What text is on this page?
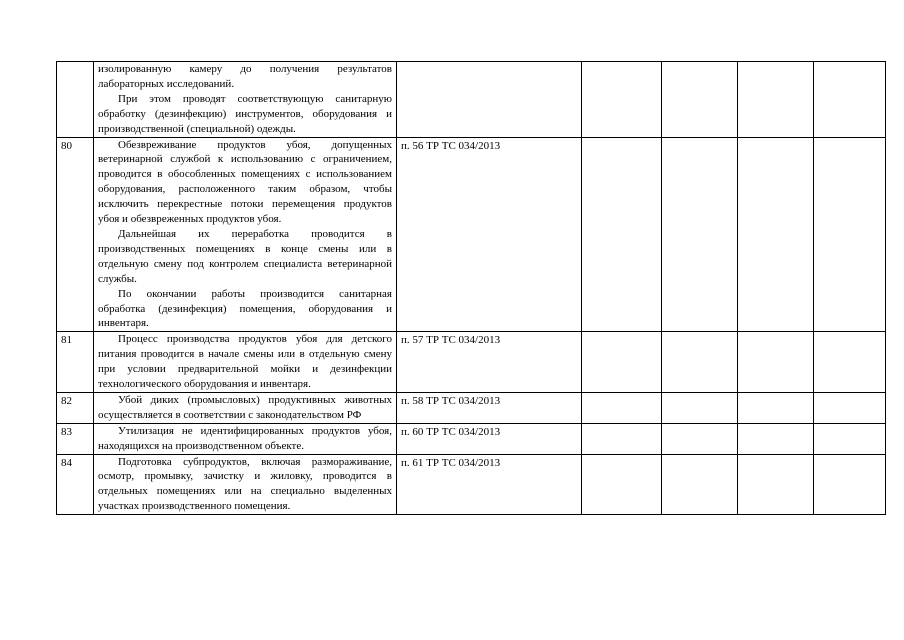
	изолированную камеру до получения результатов лабораторных исследований.

При этом проводят соответствующую санитарную обработку (дезинфекцию) инструментов, оборудования и производственной (специальной) одежды.					

80	Обезвреживание продуктов убоя, допущенных ветеринарной службой к использованию с ограничением, проводится в обособленных помещениях с использованием оборудования, расположенного таким образом, чтобы исключить перекрестные потоки перемещения продуктов убоя и обезвреженных продуктов убоя.

Дальнейшая их переработка проводится в производственных помещениях в конце смены или в отдельную смену под контролем специалиста ветеринарной службы.

По окончании работы производится санитарная обработка (дезинфекция) помещения, оборудования и инвентаря.	п. 56 ТР ТС 034/2013				
81	Процесс производства продуктов убоя для детского питания проводится в начале смены или в отдельную смену при условии предварительной мойки и дезинфекции технологического оборудования и инвентаря.	п. 57 ТР ТС 034/2013				
82	Убой диких (промысловых) продуктивных животных осуществляется в соответствии с законодательством РФ	п. 58 ТР ТС 034/2013				
83	Утилизация не идентифицированных продуктов убоя, находящихся на производственном объекте.	п. 60 ТР ТС 034/2013				
84	Подготовка субпродуктов, включая размораживание, осмотр, промывку, зачистку и жиловку, проводится в отдельных помещениях или на специально выделенных участках производственного помещения.	п. 61 ТР ТС 034/2013				
